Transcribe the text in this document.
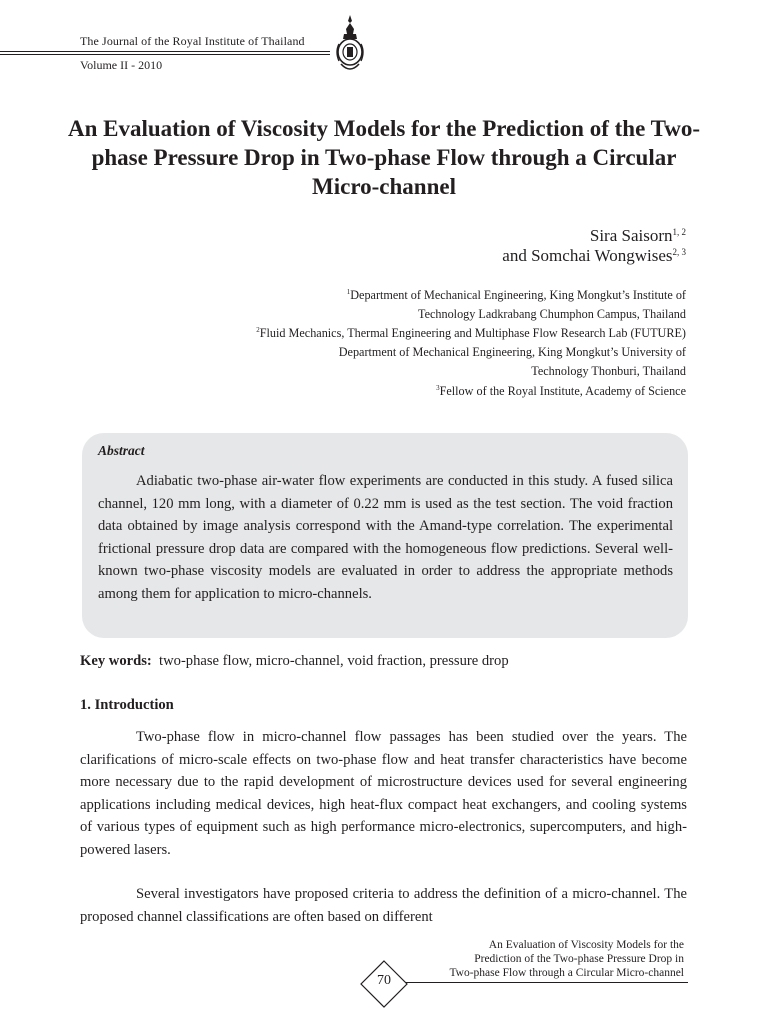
The Journal of the Royal Institute of Thailand
Volume II - 2010
An Evaluation of Viscosity Models for the Prediction of the Two-phase Pressure Drop in Two-phase Flow through a Circular Micro-channel
Sira Saisorn$^{1, 2}$
and Somchai Wongwises$^{2, 3}$
$^1$Department of Mechanical Engineering, King Mongkut’s Institute of
Technology Ladkrabang Chumphon Campus, Thailand
$^2$Fluid Mechanics, Thermal Engineering and Multiphase Flow Research Lab (FUTURE)
Department of Mechanical Engineering, King Mongkut’s University of
Technology Thonburi, Thailand
$^3$Fellow of the Royal Institute, Academy of Science
Abstract
Adiabatic two-phase air-water flow experiments are conducted in this study. A fused silica channel, 120 mm long, with a diameter of 0.22 mm is used as the test section. The void fraction data obtained by image analysis correspond with the Amand-type correlation. The experimental frictional pressure drop data are compared with the homogeneous flow predictions. Several well-known two-phase viscosity models are evaluated in order to address the appropriate methods among them for application to micro-channels.
Key words: two-phase flow, micro-channel, void fraction, pressure drop
1. Introduction
Two-phase flow in micro-channel flow passages has been studied over the years. The clarifications of micro-scale effects on two-phase flow and heat transfer characteristics have become more necessary due to the rapid development of microstructure devices used for several engineering applications including medical devices, high heat-flux compact heat exchangers, and cooling systems of various types of equipment such as high performance micro-electronics, supercomputers, and high-powered lasers.
Several investigators have proposed criteria to address the definition of a micro-channel. The proposed channel classifications are often based on different
An Evaluation of Viscosity Models for the
Prediction of the Two-phase Pressure Drop in
Two-phase Flow through a Circular Micro-channel
70
